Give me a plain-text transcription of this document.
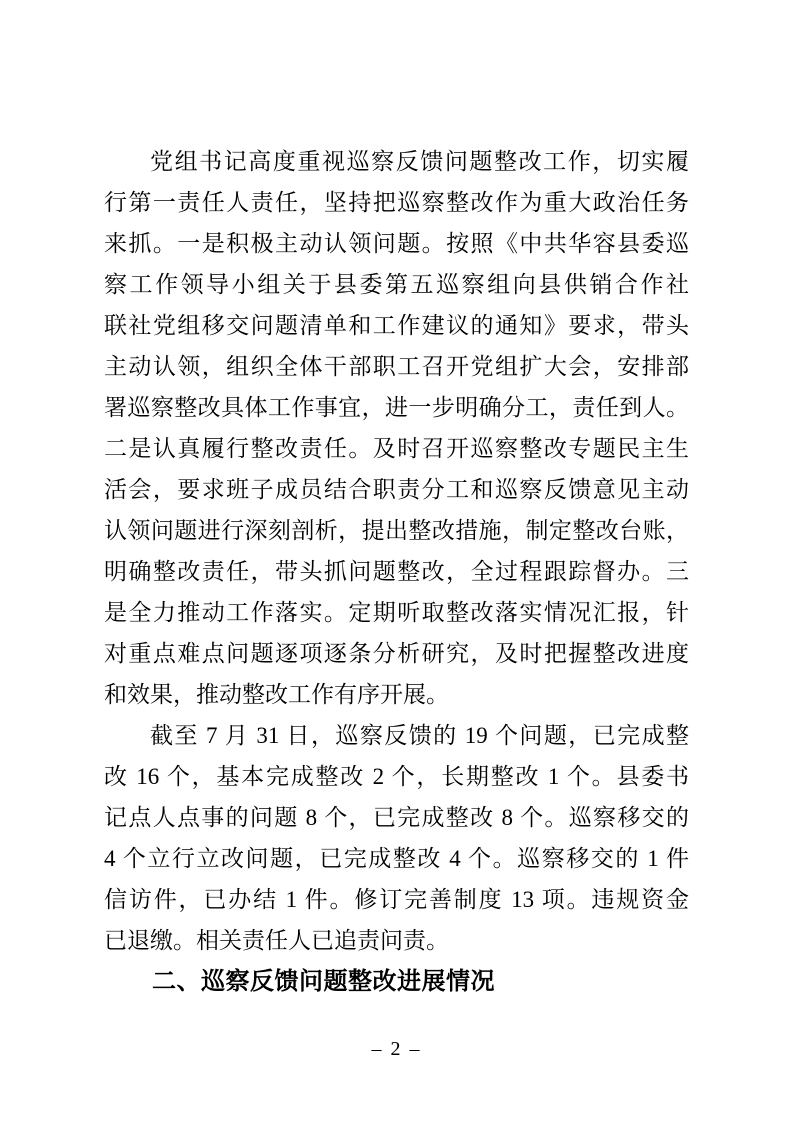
党组书记高度重视巡察反馈问题整改工作，切实履
行第一责任人责任，坚持把巡察整改作为重大政治任务
来抓。一是积极主动认领问题。按照《中共华容县委巡
察工作领导小组关于县委第五巡察组向县供销合作社
联社党组移交问题清单和工作建议的通知》要求，带头
主动认领，组织全体干部职工召开党组扩大会，安排部
署巡察整改具体工作事宜，进一步明确分工，责任到人。
二是认真履行整改责任。及时召开巡察整改专题民主生
活会，要求班子成员结合职责分工和巡察反馈意见主动
认领问题进行深刻剖析，提出整改措施，制定整改台账，
明确整改责任，带头抓问题整改，全过程跟踪督办。三
是全力推动工作落实。定期听取整改落实情况汇报，针
对重点难点问题逐项逐条分析研究，及时把握整改进度
和效果，推动整改工作有序开展。
截至 7 月 31 日，巡察反馈的 19 个问题，已完成整
改 16 个，基本完成整改 2 个，长期整改 1 个。县委书
记点人点事的问题 8 个，已完成整改 8 个。巡察移交的
4 个立行立改问题，已完成整改 4 个。巡察移交的 1 件
信访件，已办结 1 件。修订完善制度 13 项。违规资金
已退缴。相关责任人已追责问责。
二、巡察反馈问题整改进展情况
– 2 –
